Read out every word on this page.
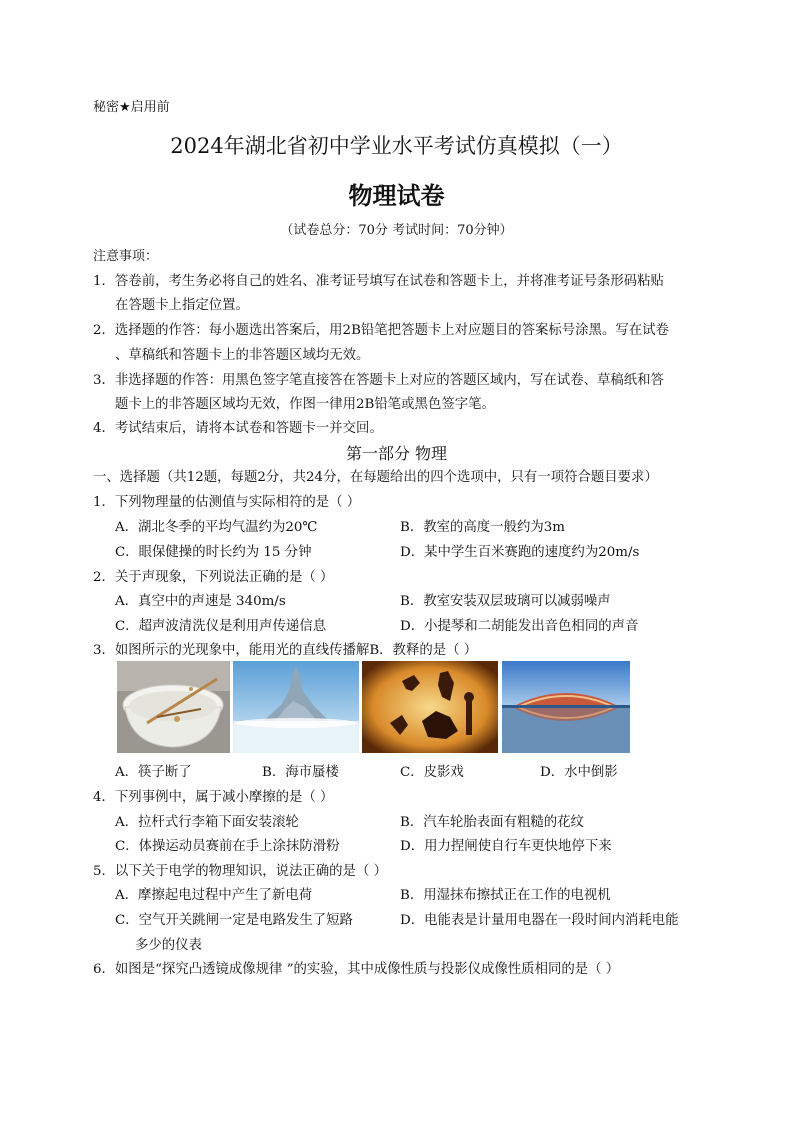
秘密★启用前
2024年湖北省初中学业水平考试仿真模拟（一）
物理试卷
（试卷总分：70分 考试时间：70分钟）
注意事项：
1．答卷前，考生务必将自己的姓名、准考证号填写在试卷和答题卡上，并将准考证号条形码粘贴
在答题卡上指定位置。
2．选择题的作答：每小题选出答案后，用2B铅笔把答题卡上对应题目的答案标号涂黑。写在试卷
、草稿纸和答题卡上的非答题区域均无效。
3．非选择题的作答：用黑色签字笔直接答在答题卡上对应的答题区域内，写在试卷、草稿纸和答
题卡上的非答题区域均无效，作图一律用2B铅笔或黑色签字笔。
4．考试结束后，请将本试卷和答题卡一并交回。
第一部分 物理
一、选择题（共12题，每题2分，共24分，在每题给出的四个选项中，只有一项符合题目要求）
1．下列物理量的估测值与实际相符的是（ ）
A．湖北冬季的平均气温约为20℃	B．教室的高度一般约为3m
C．眼保健操的时长约为 15 分钟	D．某中学生百米赛跑的速度约为20m/s
2．关于声现象，下列说法正确的是（ ）
A．真空中的声速是 340m/s	B．教室安装双层玻璃可以减弱噪声
C．超声波清洗仪是利用声传递信息	D．小提琴和二胡能发出音色相同的声音
3．如图所示的光现象中，能用光的直线传播解B．教释的是（ ）
A．筷子断了	B．海市蜃楼	C．皮影戏	D．水中倒影
4．下列事例中，属于减小摩擦的是（ ）
A．拉杆式行李箱下面安装滚轮	B．汽车轮胎表面有粗糙的花纹
C．体操运动员赛前在手上涂抹防滑粉	D．用力捏闸使自行车更快地停下来
5．以下关于电学的物理知识，说法正确的是（ ）
A．摩擦起电过程中产生了新电荷	B．用湿抹布擦拭正在工作的电视机
C．空气开关跳闸一定是电路发生了短路	D．电能表是计量用电器在一段时间内消耗电能
多少的仪表
6．如图是“探究凸透镜成像规律 ”的实验，其中成像性质与投影仪成像性质相同的是（ ）
